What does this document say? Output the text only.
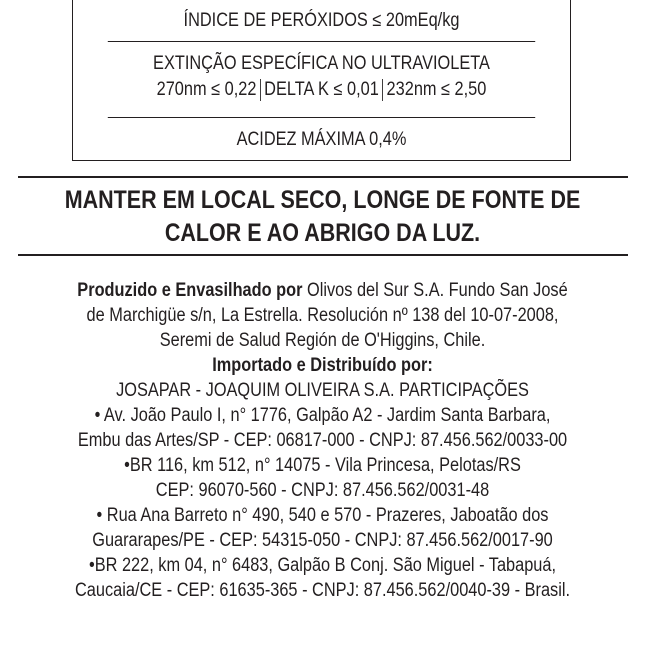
ÍNDICE DE PERÓXIDOS ≤ 20mEq/kg
EXTINÇÃO ESPECÍFICA NO ULTRAVIOLETA
270nm ≤ 0,22 DELTA K ≤ 0,01 232nm ≤ 2,50
ACIDEZ MÁXIMA 0,4%
MANTER EM LOCAL SECO, LONGE DE FONTE DE
CALOR E AO ABRIGO DA LUZ.
Produzido e Envasilhado por Olivos del Sur S.A. Fundo San José
de Marchigüe s/n, La Estrella. Resolución nº 138 del 10-07-2008,
Seremi de Salud Región de O'Higgins, Chile.
Importado e Distribuído por:
JOSAPAR - JOAQUIM OLIVEIRA S.A. PARTICIPAÇÕES
• Av. João Paulo I, n° 1776, Galpão A2 - Jardim Santa Barbara,
Embu das Artes/SP - CEP: 06817-000 - CNPJ: 87.456.562/0033-00
•BR 116, km 512, n° 14075 - Vila Princesa, Pelotas/RS
CEP: 96070-560 - CNPJ: 87.456.562/0031-48
• Rua Ana Barreto n° 490, 540 e 570 - Prazeres, Jaboatão dos
Guararapes/PE - CEP: 54315-050 - CNPJ: 87.456.562/0017-90
•BR 222, km 04, n° 6483, Galpão B Conj. São Miguel - Tabapuá,
Caucaia/CE - CEP: 61635-365 - CNPJ: 87.456.562/0040-39 - Brasil.
